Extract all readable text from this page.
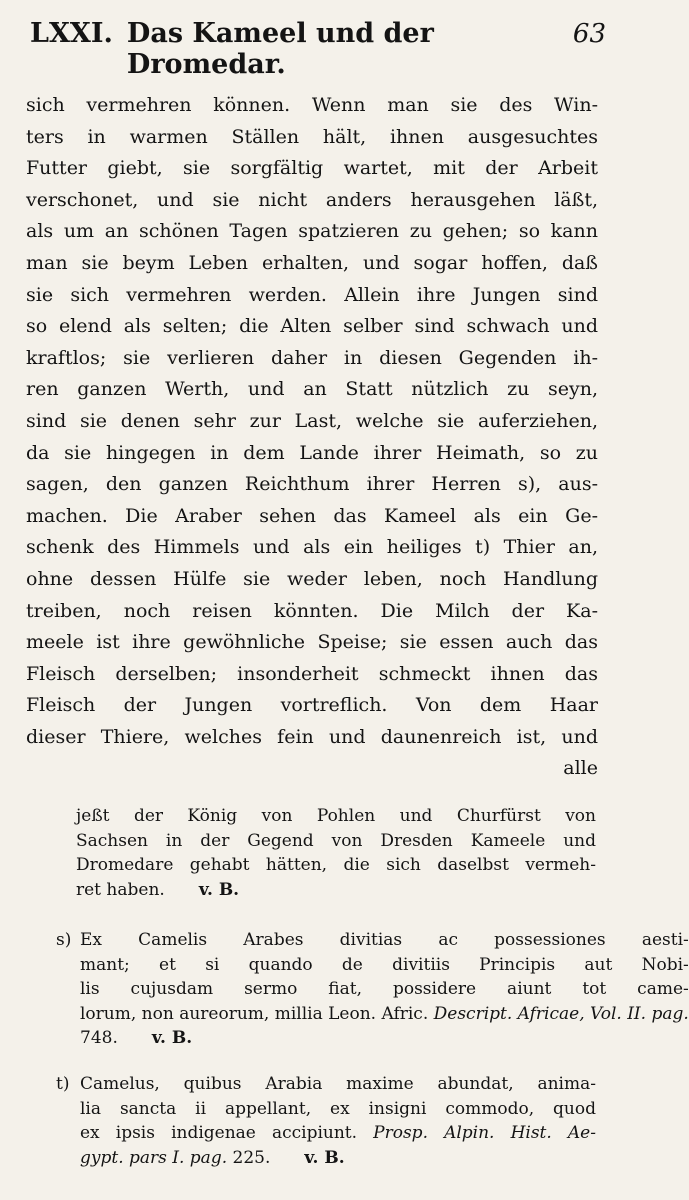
LXXI. Das Kameel und der Dromedar.
63
sich vermehren können. Wenn man sie des Win-
ters in warmen Ställen hält, ihnen ausgesuchtes
Futter giebt, sie sorgfältig wartet, mit der Arbeit
verschonet, und sie nicht anders herausgehen läßt,
als um an schönen Tagen spatzieren zu gehen; so kann
man sie beym Leben erhalten, und sogar hoffen, daß
sie sich vermehren werden. Allein ihre Jungen sind
so elend als selten; die Alten selber sind schwach und
kraftlos; sie verlieren daher in diesen Gegenden ih-
ren ganzen Werth, und an Statt nützlich zu seyn,
sind sie denen sehr zur Last, welche sie auferziehen,
da sie hingegen in dem Lande ihrer Heimath, so zu
sagen, den ganzen Reichthum ihrer Herren s), aus-
machen. Die Araber sehen das Kameel als ein Ge-
schenk des Himmels und als ein heiliges t) Thier an,
ohne dessen Hülfe sie weder leben, noch Handlung
treiben, noch reisen könnten. Die Milch der Ka-
meele ist ihre gewöhnliche Speise; sie essen auch das
Fleisch derselben; insonderheit schmeckt ihnen das
Fleisch der Jungen vortreflich. Von dem Haar
dieser Thiere, welches fein und daunenreich ist, und
alle
jeßt der König von Pohlen und Churfürst von
Sachsen in der Gegend von Dresden Kameele und
Dromedare gehabt hätten, die sich daselbst vermeh-
ret haben. v. B.
s) Ex Camelis Arabes divitias ac possessiones aesti-
mant; et si quando de divitiis Principis aut Nobi-
lis cujusdam sermo fiat, possidere aiunt tot came-
lorum, non aureorum, millia Leon. Afric. Descript. Africae, Vol. II. pag.
748. v. B.
t) Camelus, quibus Arabia maxime abundat, anima-
lia sancta ii appellant, ex insigni commodo, quod
ex ipsis indigenae accipiunt. Prosp. Alpin. Hist. Ae-
gypt. pars I. pag. 225. v. B.
